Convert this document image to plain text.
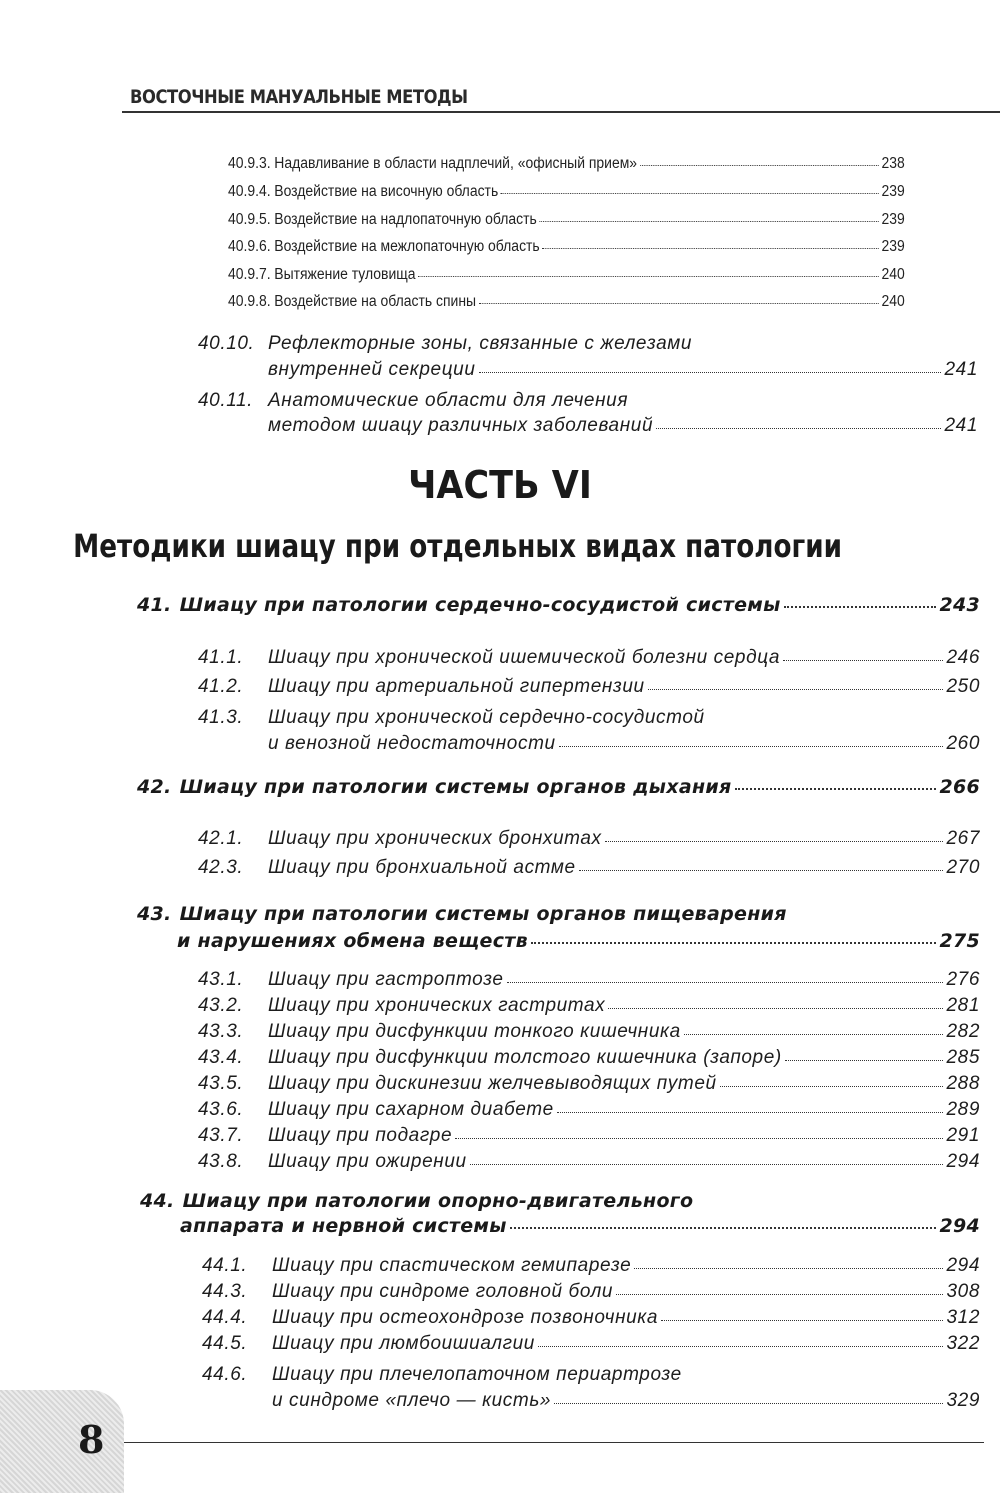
ВОСТОЧНЫЕ МАНУАЛЬНЫЕ МЕТОДЫ
40.9.3. Надавливание в области надплечий, «офисный прием»	238
40.9.4. Воздействие на височную область	239
40.9.5. Воздействие на надлопаточную область	239
40.9.6. Воздействие на межлопаточную область	239
40.9.7. Вытяжение туловища	240
40.9.8. Воздействие на область спины	240
40.10. Рефлекторные зоны, связанные с железами
внутренней секреции	241
40.11. Анатомические области для лечения
методом шиацу различных заболеваний	241
ЧАСТЬ VI
Методики шиацу при отдельных видах патологии
41. Шиацу при патологии сердечно-сосудистой системы	243
41.1.	Шиацу при хронической ишемической болезни сердца	246
41.2.	Шиацу при артериальной гипертензии	250
41.3. Шиацу при хронической сердечно-сосудистой
и венозной недостаточности	260
42. Шиацу при патологии системы органов дыхания	266
42.1.	Шиацу при хронических бронхитах	267
42.3.	Шиацу при бронхиальной астме	270
43. Шиацу при патологии системы органов пищеварения
и нарушениях обмена веществ	275
43.1.	Шиацу при гастроптозе	276
43.2.	Шиацу при хронических гастритах	281
43.3.	Шиацу при дисфункции тонкого кишечника	282
43.4.	Шиацу при дисфункции толстого кишечника (запоре)	285
43.5.	Шиацу при дискинезии желчевыводящих путей	288
43.6.	Шиацу при сахарном диабете	289
43.7.	Шиацу при подагре	291
43.8.	Шиацу при ожирении	294
44. Шиацу при патологии опорно-двигательного
аппарата и нервной системы	294
44.1.	Шиацу при спастическом гемипарезе	294
44.3.	Шиацу при синдроме головной боли	308
44.4.	Шиацу при остеохондрозе позвоночника	312
44.5.	Шиацу при люмбоишиалгии	322
44.6. Шиацу при плечелопаточном периартрозе
и синдроме «плечо — кисть»	329
8
